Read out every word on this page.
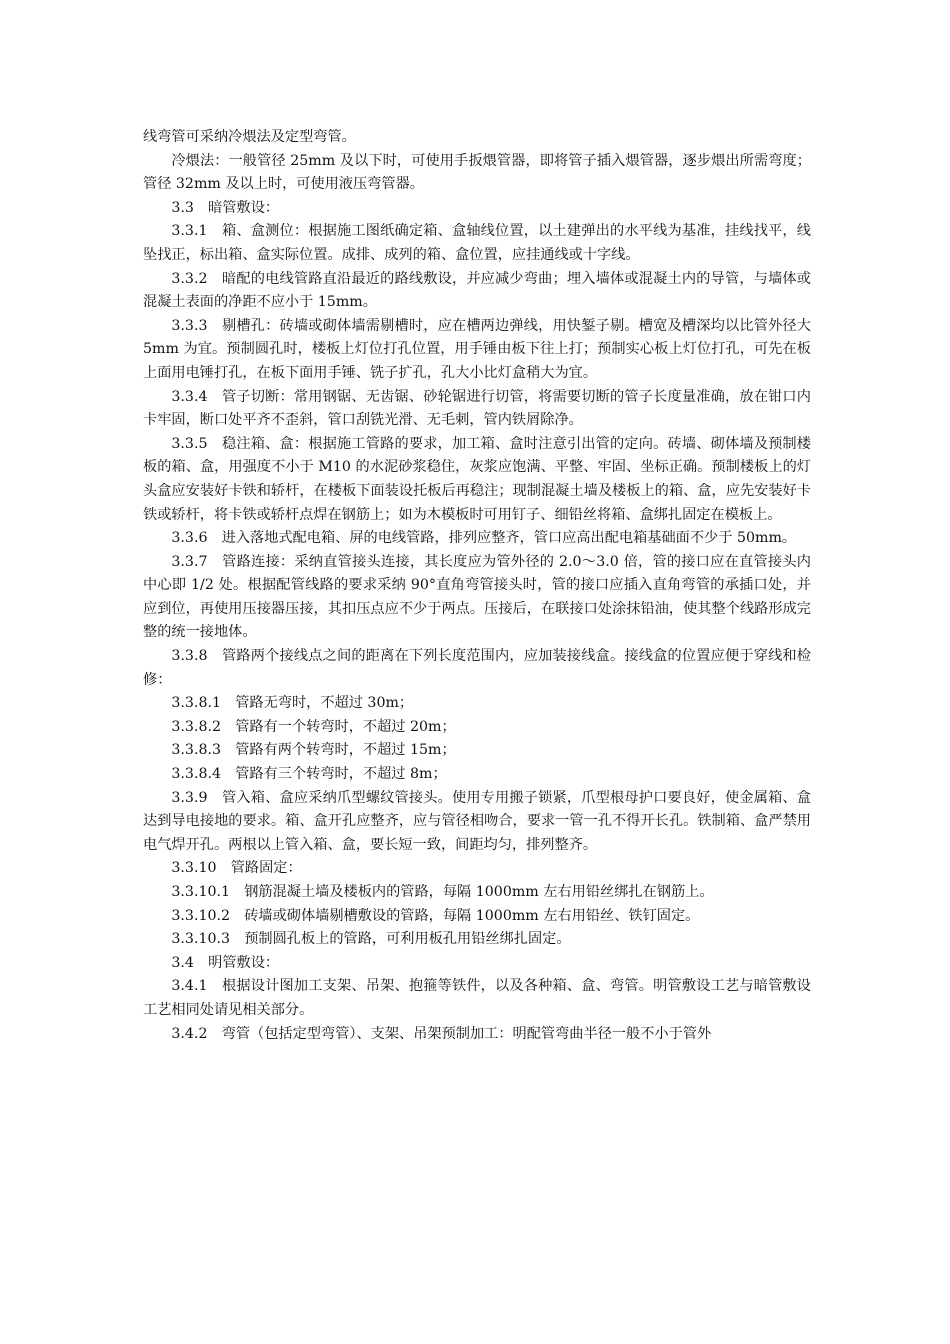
线弯管可采纳冷煨法及定型弯管。

冷煨法：一般管径 25mm 及以下时，可使用手扳煨管器，即将管子插入煨管器，逐步煨出所需弯度；管径 32mm 及以上时，可使用液压弯管器。

3.3　暗管敷设：

3.3.1　箱、盒测位：根据施工图纸确定箱、盒轴线位置，以土建弹出的水平线为基准，挂线找平，线坠找正，标出箱、盒实际位置。成排、成列的箱、盒位置，应挂通线或十字线。

3.3.2　暗配的电线管路直沿最近的路线敷设，并应减少弯曲；埋入墙体或混凝土内的导管，与墙体或混凝土表面的净距不应小于 15mm。

3.3.3　剔槽孔：砖墙或砌体墙需剔槽时，应在槽两边弹线，用快錾子剔。槽宽及槽深均以比管外径大 5mm 为宜。预制圆孔时，楼板上灯位打孔位置，用手锤由板下往上打；预制实心板上灯位打孔，可先在板上面用电锤打孔，在板下面用手锤、铣子扩孔，孔大小比灯盒稍大为宜。

3.3.4　管子切断：常用钢锯、无齿锯、砂轮锯进行切管，将需要切断的管子长度量准确，放在钳口内卡牢固，断口处平齐不歪斜，管口刮铣光滑、无毛刺，管内铁屑除净。

3.3.5　稳注箱、盒：根据施工管路的要求，加工箱、盒时注意引出管的定向。砖墙、砌体墙及预制楼板的箱、盒，用强度不小于 M10 的水泥砂浆稳住，灰浆应饱满、平整、牢固、坐标正确。预制楼板上的灯头盒应安装好卡铁和轿杆，在楼板下面装设托板后再稳注；现制混凝土墙及楼板上的箱、盒，应先安装好卡铁或轿杆，将卡铁或轿杆点焊在钢筋上；如为木模板时可用钉子、细铅丝将箱、盒绑扎固定在模板上。

3.3.6　进入落地式配电箱、屏的电线管路，排列应整齐，管口应高出配电箱基础面不少于 50mm。

3.3.7　管路连接：采纳直管接头连接，其长度应为管外径的 2.0～3.0 倍，管的接口应在直管接头内中心即 1/2 处。根据配管线路的要求采纳 90°直角弯管接头时，管的接口应插入直角弯管的承插口处，并应到位，再使用压接器压接，其扣压点应不少于两点。压接后，在联接口处涂抹铅油，使其整个线路形成完整的统一接地体。

3.3.8　管路两个接线点之间的距离在下列长度范围内，应加装接线盒。接线盒的位置应便于穿线和检修：

3.3.8.1　管路无弯时，不超过 30m；

3.3.8.2　管路有一个转弯时，不超过 20m；

3.3.8.3　管路有两个转弯时，不超过 15m；

3.3.8.4　管路有三个转弯时，不超过 8m；

3.3.9　管入箱、盒应采纳爪型螺纹管接头。使用专用搬子锁紧，爪型根母护口要良好，使金属箱、盒达到导电接地的要求。箱、盒开孔应整齐，应与管径相吻合，要求一管一孔不得开长孔。铁制箱、盒严禁用电气焊开孔。两根以上管入箱、盒，要长短一致，间距均匀，排列整齐。

3.3.10　管路固定：

3.3.10.1　钢筋混凝土墙及楼板内的管路，每隔 1000mm 左右用铅丝绑扎在钢筋上。

3.3.10.2　砖墙或砌体墙剔槽敷设的管路，每隔 1000mm 左右用铅丝、铁钉固定。

3.3.10.3　预制圆孔板上的管路，可利用板孔用铅丝绑扎固定。

3.4　明管敷设：

3.4.1　根据设计图加工支架、吊架、抱箍等铁件，以及各种箱、盒、弯管。明管敷设工艺与暗管敷设工艺相同处请见相关部分。

3.4.2　弯管（包括定型弯管）、支架、吊架预制加工：明配管弯曲半径一般不小于管外
